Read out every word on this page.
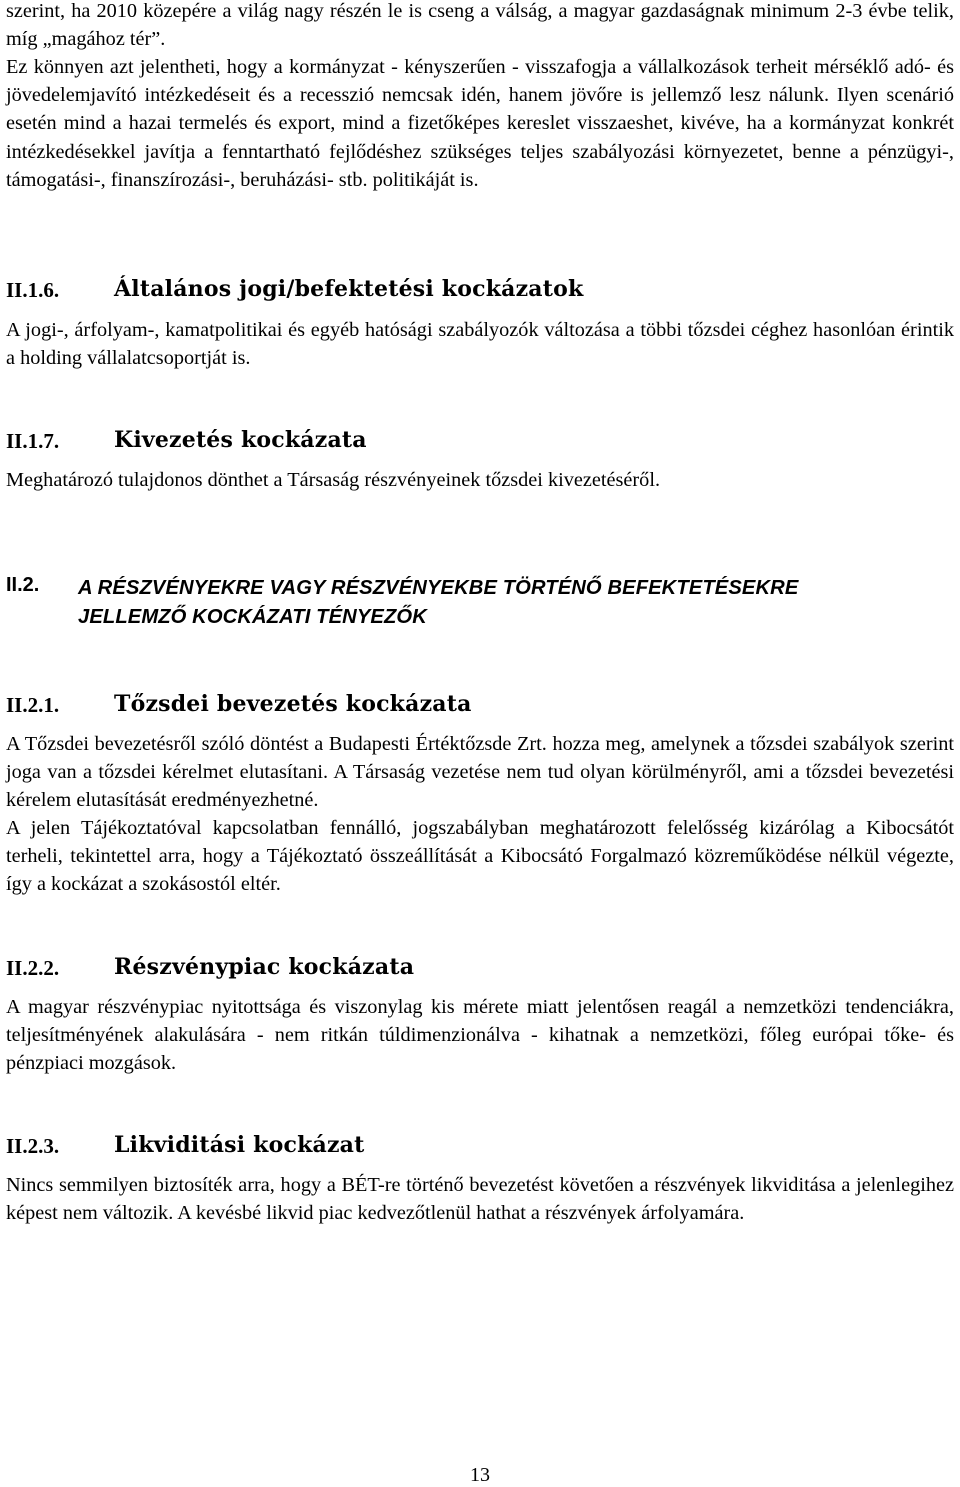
szerint, ha 2010 közepére a világ nagy részén le is cseng a válság, a magyar gazdaságnak minimum 2-3 évbe telik, míg „magához tér”.

Ez könnyen azt jelentheti, hogy a kormányzat - kényszerűen - visszafogja a vállalkozások terheit mérséklő adó- és jövedelemjavító intézkedéseit és a recesszió nemcsak idén, hanem jövőre is jellemző lesz nálunk. Ilyen scenárió esetén mind a hazai termelés és export, mind a fizetőképes kereslet visszaeshet, kivéve, ha a kormányzat konkrét intézkedésekkel javítja a fenntartható fejlődéshez szükséges teljes szabályozási környezetet, benne a pénzügyi-, támogatási-, finanszírozási-, beruházási- stb. politikáját is.

II.1.6. Általános jogi/befektetési kockázatok

A jogi-, árfolyam-, kamatpolitikai és egyéb hatósági szabályozók változása a többi tőzsdei céghez hasonlóan érintik a holding vállalatcsoportját is.

II.1.7. Kivezetés kockázata

Meghatározó tulajdonos dönthet a Társaság részvényeinek tőzsdei kivezetéséről.

II.2. A RÉSZVÉNYEKRE VAGY RÉSZVÉNYEKBE TÖRTÉNŐ BEFEKTETÉSEKRE
JELLEMZŐ KOCKÁZATI TÉNYEZŐK
II.2.1. Tőzsdei bevezetés kockázata

A Tőzsdei bevezetésről szóló döntést a Budapesti Értéktőzsde Zrt. hozza meg, amelynek a tőzsdei szabályok szerint joga van a tőzsdei kérelmet elutasítani. A Társaság vezetése nem tud olyan körülményről, ami a tőzsdei bevezetési kérelem elutasítását eredményezhetné.

A jelen Tájékoztatóval kapcsolatban fennálló, jogszabályban meghatározott felelősség kizárólag a Kibocsátót terheli, tekintettel arra, hogy a Tájékoztató összeállítását a Kibocsátó Forgalmazó közreműködése nélkül végezte, így a kockázat a szokásostól eltér.

II.2.2. Részvénypiac kockázata

A magyar részvénypiac nyitottsága és viszonylag kis mérete miatt jelentősen reagál a nemzetközi tendenciákra, teljesítményének alakulására - nem ritkán túldimenzionálva - kihatnak a nemzetközi, főleg európai tőke- és pénzpiaci mozgások.

II.2.3. Likviditási kockázat

Nincs semmilyen biztosíték arra, hogy a BÉT-re történő bevezetést követően a részvények likviditása a jelenlegihez képest nem változik. A kevésbé likvid piac kedvezőtlenül hathat a részvények árfolyamára.

13
